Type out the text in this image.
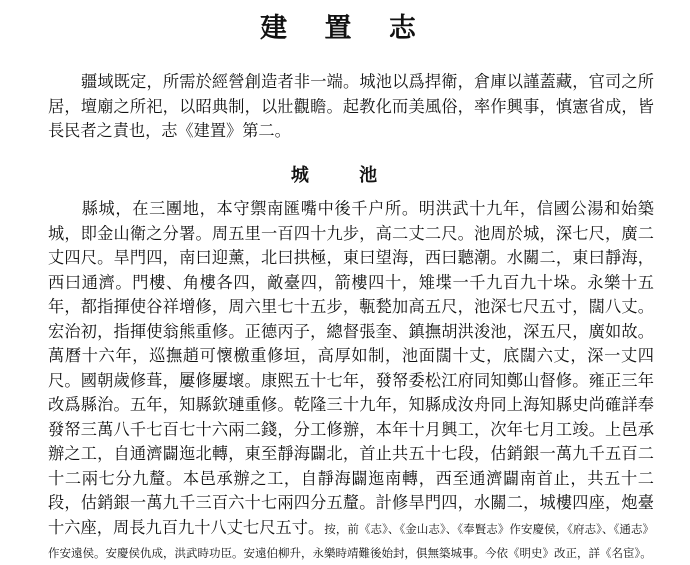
建 置 志

疆域既定，所需於經營創造者非一端。城池以爲捍衛，倉庫以謹蓋藏，官司之所居，壇廟之所祀，以昭典制，以壯觀瞻。起教化而美風俗，率作興事，慎憲省成，皆長民者之責也，志《建置》第二。

城 池

縣城，在三團地，本守禦南匯嘴中後千户所。明洪武十九年，信國公湯和始築城，即金山衛之分署。周五里一百四十九步，高二丈二尺。池周於城，深七尺，廣二丈四尺。旱門四，南曰迎薰，北曰拱極，東曰望海，西曰聽潮。水關二，東曰靜海，西曰通濟。門樓、角樓各四，敵臺四，箭樓四十，雉堞一千九百九十垛。永樂十五年，都指揮使谷祥增修，周六里七十五步，甎甃加高五尺，池深七尺五寸，闊八丈。宏治初，指揮使翁熊重修。正德丙子，總督張奎、鎮撫胡洪浚池，深五尺，廣如故。萬曆十六年，巡撫趙可懷檄重修垣，高厚如制，池面闊十丈，底闊六丈，深一丈四尺。國朝歲修葺，屢修屢壞。康熙五十七年，發帑委松江府同知鄭山督修。雍正三年改爲縣治。五年，知縣欽璉重修。乾隆三十九年，知縣成汝舟同上海知縣史尚確詳奉發帑三萬八千七百七十六兩二錢，分工修辦，本年十月興工，次年七月工竣。上邑承辦之工，自通濟闢迤北轉，東至靜海闢北，首止共五十七段，估銷銀一萬九千五百二十二兩七分九釐。本邑承辦之工，自靜海闢迤南轉，西至通濟闢南首止，共五十二段，估銷銀一萬九千三百六十七兩四分五釐。計修旱門四，水關二，城樓四座，炮臺十六座，周長九百九十八丈七尺五寸。按，前《志》、《金山志》、《奉賢志》作安慶侯，《府志》、《通志》作安遠侯。安慶侯仇成，洪武時功臣。安遠伯柳升，永樂時靖難後始封，俱無築城事。今依《明史》改正，詳《名宦》。
